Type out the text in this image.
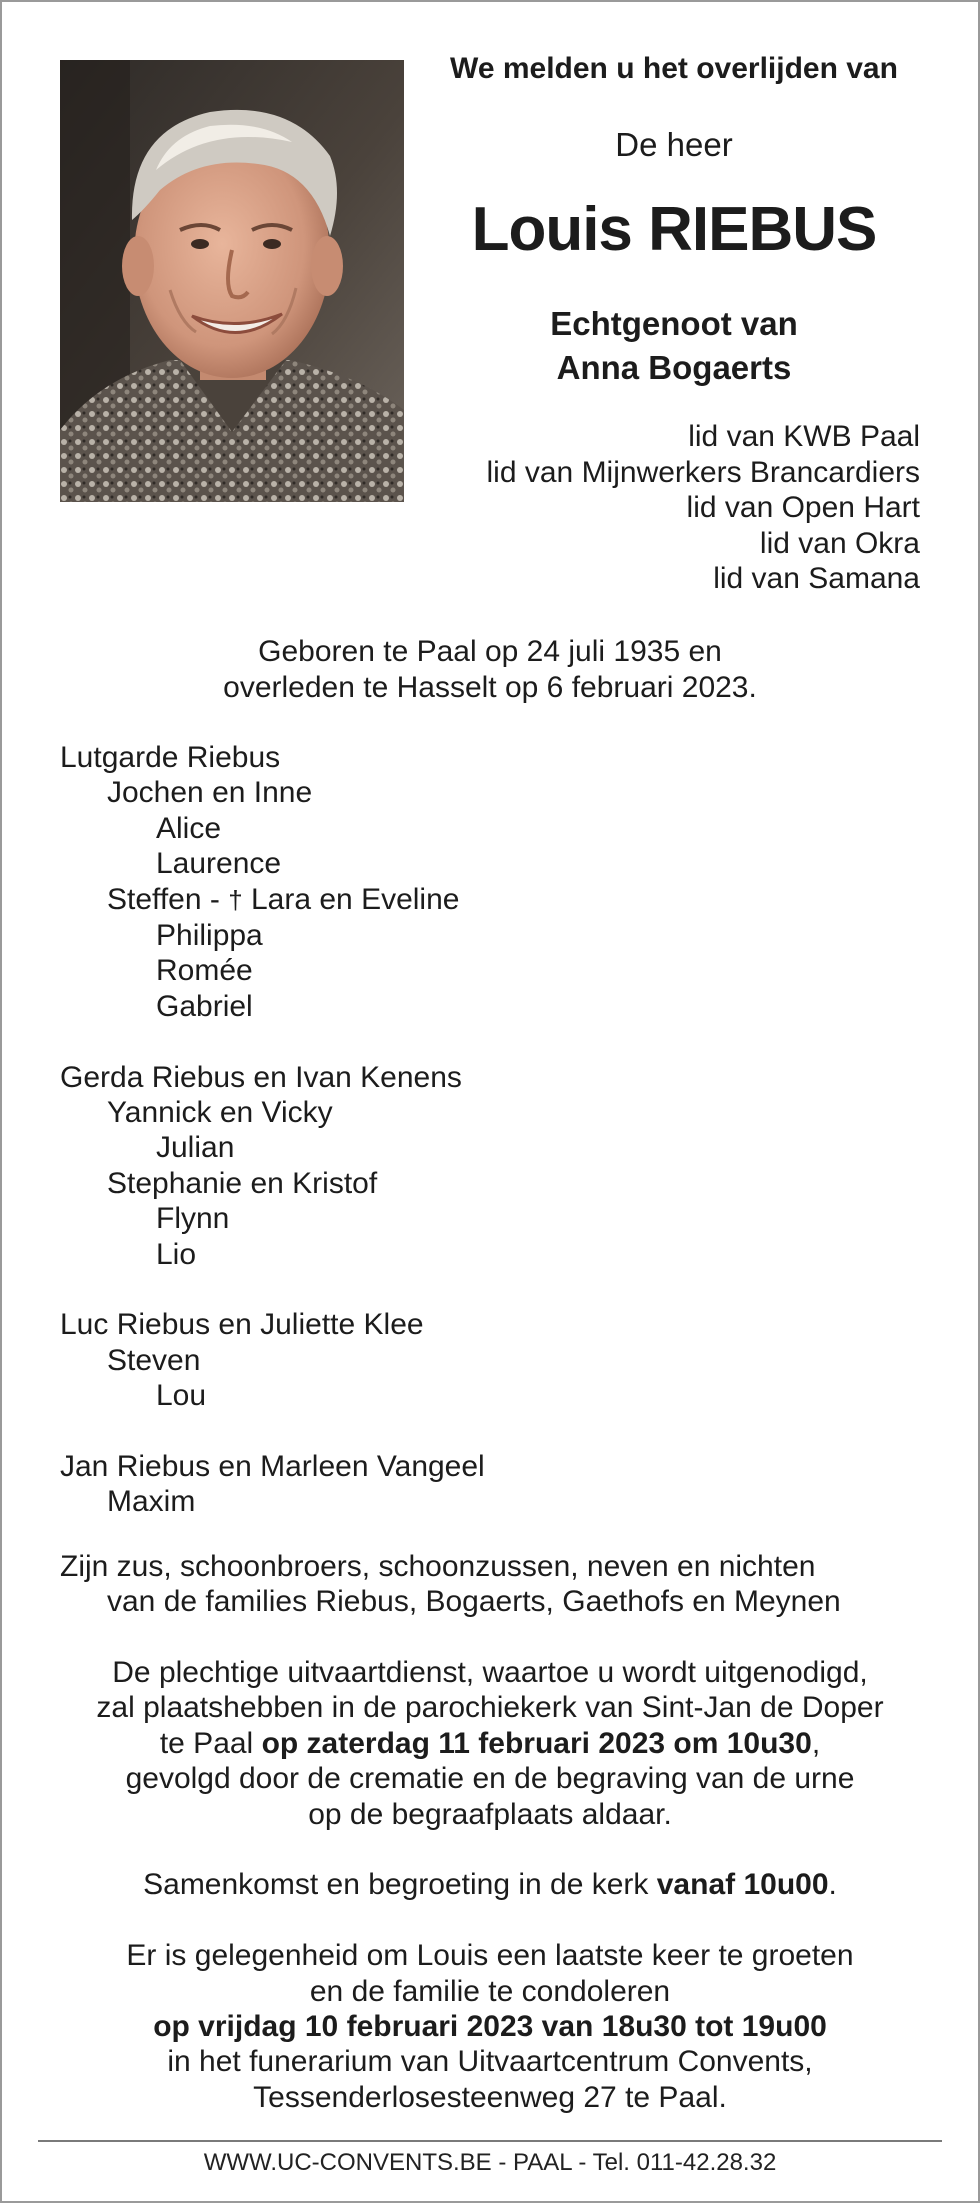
We melden u het overlijden van
De heer
Louis RIEBUS
Echtgenoot van
Anna Bogaerts
lid van KWB Paal
lid van Mijnwerkers Brancardiers
lid van Open Hart
lid van Okra
lid van Samana
Geboren te Paal op 24 juli 1935 en
overleden te Hasselt op 6 februari 2023.
Lutgarde Riebus
Jochen en Inne
Alice
Laurence
Steffen - † Lara en Eveline
Philippa
Romée
Gabriel
Gerda Riebus en Ivan Kenens
Yannick en Vicky
Julian
Stephanie en Kristof
Flynn
Lio
Luc Riebus en Juliette Klee
Steven
Lou
Jan Riebus en Marleen Vangeel
Maxim
Zijn zus, schoonbroers, schoonzussen, neven en nichten
van de families Riebus, Bogaerts, Gaethofs en Meynen

De plechtige uitvaartdienst, waartoe u wordt uitgenodigd,

zal plaatshebben in de parochiekerk van Sint-Jan de Doper

te Paal op zaterdag 11 februari 2023 om 10u30,

gevolgd door de crematie en de begraving van de urne

op de begraafplaats aldaar.

Samenkomst en begroeting in de kerk vanaf 10u00.

Er is gelegenheid om Louis een laatste keer te groeten

en de familie te condoleren

op vrijdag 10 februari 2023 van 18u30 tot 19u00

in het funerarium van Uitvaartcentrum Convents,

Tessenderlosesteenweg 27 te Paal.

WWW.UC-CONVENTS.BE - PAAL - Tel. 011-42.28.32
